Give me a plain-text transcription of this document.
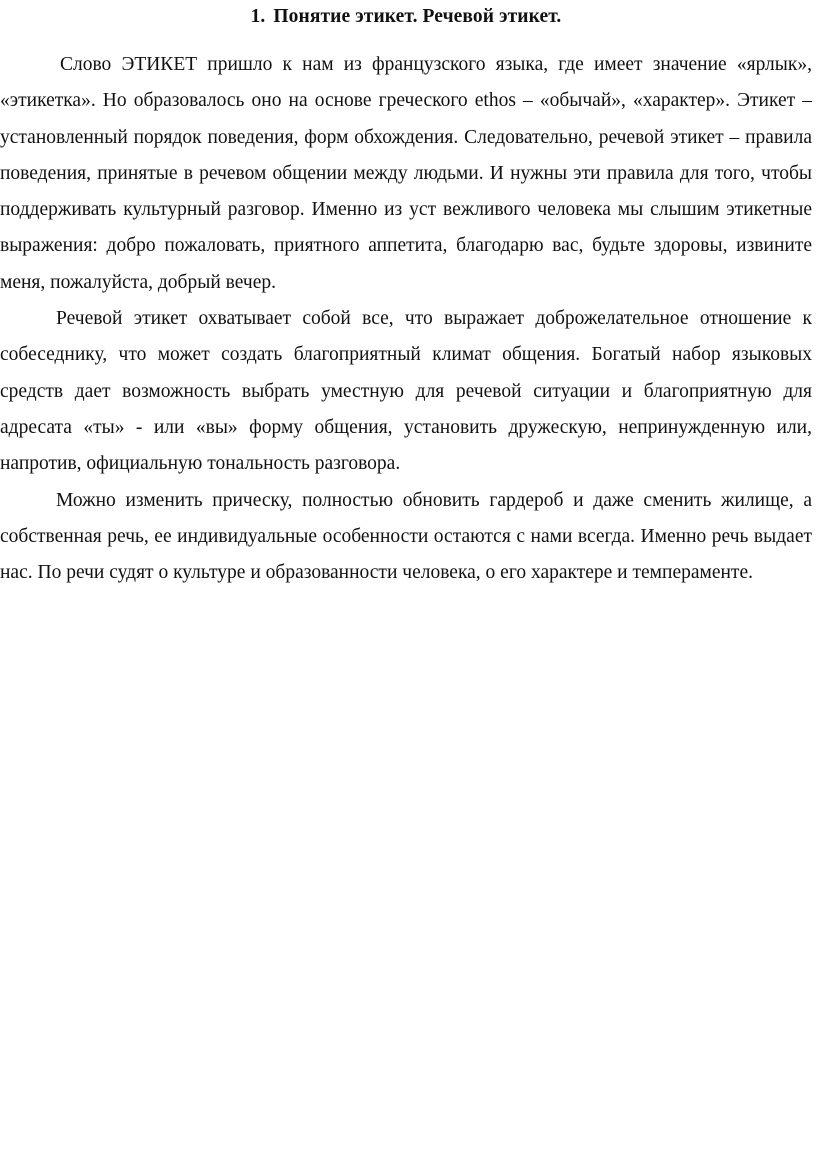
1. Понятие этикет. Речевой этикет.

Слово ЭТИКЕТ пришло к нам из французского языка, где имеет значение «ярлык», «этикетка». Но образовалось оно на основе греческого ethos – «обычай», «характер». Этикет – установленный порядок поведения, форм обхождения. Следовательно, речевой этикет – правила поведения, принятые в речевом общении между людьми. И нужны эти правила для того, чтобы поддерживать культурный разговор. Именно из уст вежливого человека мы слышим этикетные выражения: добро пожаловать, приятного аппетита, благодарю вас, будьте здоровы, извините меня, пожалуйста, добрый вечер.

Речевой этикет охватывает собой все, что выражает доброжелательное отношение к собеседнику, что может создать благоприятный климат общения. Богатый набор языковых средств дает возможность выбрать уместную для речевой ситуации и благоприятную для адресата «ты» - или «вы» форму общения, установить дружескую, непринужденную или, напротив, официальную тональность разговора.

Можно изменить прическу, полностью обновить гардероб и даже сменить жилище, а собственная речь, ее индивидуальные особенности остаются с нами всегда. Именно речь выдает нас. По речи судят о культуре и образованности человека, о его характере и темпераменте.
